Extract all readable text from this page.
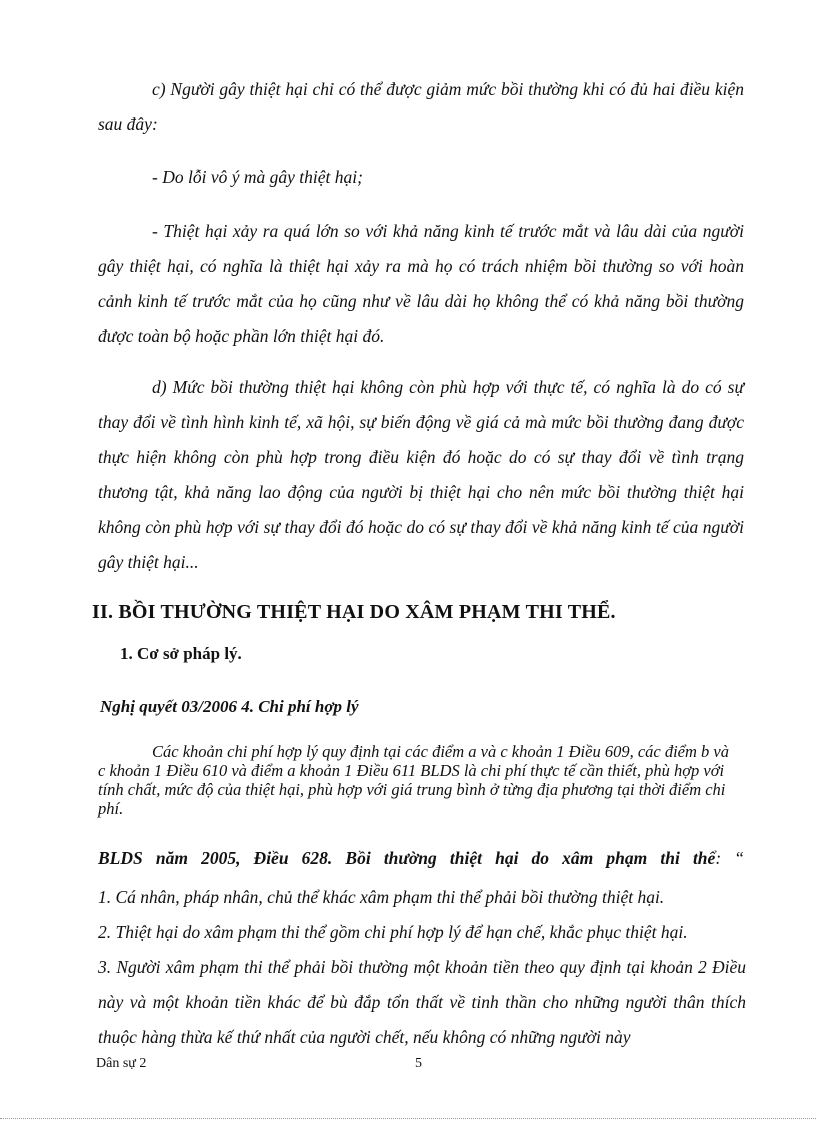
c) Người gây thiệt hại chỉ có thể được giảm mức bồi thường khi có đủ hai điều kiện sau đây:

- Do lỗi vô ý mà gây thiệt hại;

- Thiệt hại xảy ra quá lớn so với khả năng kinh tế trước mắt và lâu dài của người gây thiệt hại, có nghĩa là thiệt hại xảy ra mà họ có trách nhiệm bồi thường so với hoàn cảnh kinh tế trước mắt của họ cũng như về lâu dài họ không thể có khả năng bồi thường được toàn bộ hoặc phần lớn thiệt hại đó.

d) Mức bồi thường thiệt hại không còn phù hợp với thực tế, có nghĩa là do có sự thay đổi về tình hình kinh tế, xã hội, sự biến động về giá cả mà mức bồi thường đang được thực hiện không còn phù hợp trong điều kiện đó hoặc do có sự thay đổi về tình trạng thương tật, khả năng lao động của người bị thiệt hại cho nên mức bồi thường thiệt hại không còn phù hợp với sự thay đổi đó hoặc do có sự thay đổi về khả năng kinh tế của người gây thiệt hại...

II. BỒI THƯỜNG THIỆT HẠI DO XÂM PHẠM THI THỂ.
1. Cơ sở pháp lý.
Nghị quyết 03/2006 4. Chi phí hợp lý

Các khoản chi phí hợp lý quy định tại các điểm a và c khoản 1 Điều 609, các điểm b và c khoản 1 Điều 610 và điểm a khoản 1 Điều 611 BLDS là chi phí thực tế cần thiết, phù hợp với tính chất, mức độ của thiệt hại, phù hợp với giá trung bình ở từng địa phương tại thời điểm chi phí.

BLDS năm 2005, Điều 628. Bồi thường thiệt hại do xâm phạm thi thể: “

1. Cá nhân, pháp nhân, chủ thể khác xâm phạm thi thể phải bồi thường thiệt hại.
2. Thiệt hại do xâm phạm thi thể gồm chi phí hợp lý để hạn chế, khắc phục thiệt hại.
3. Người xâm phạm thi thể phải bồi thường một khoản tiền theo quy định tại khoản 2 Điều này và một khoản tiền khác để bù đắp tổn thất về tinh thần cho những người thân thích thuộc hàng thừa kế thứ nhất của người chết, nếu không có những người này
Dân sự 2	5
